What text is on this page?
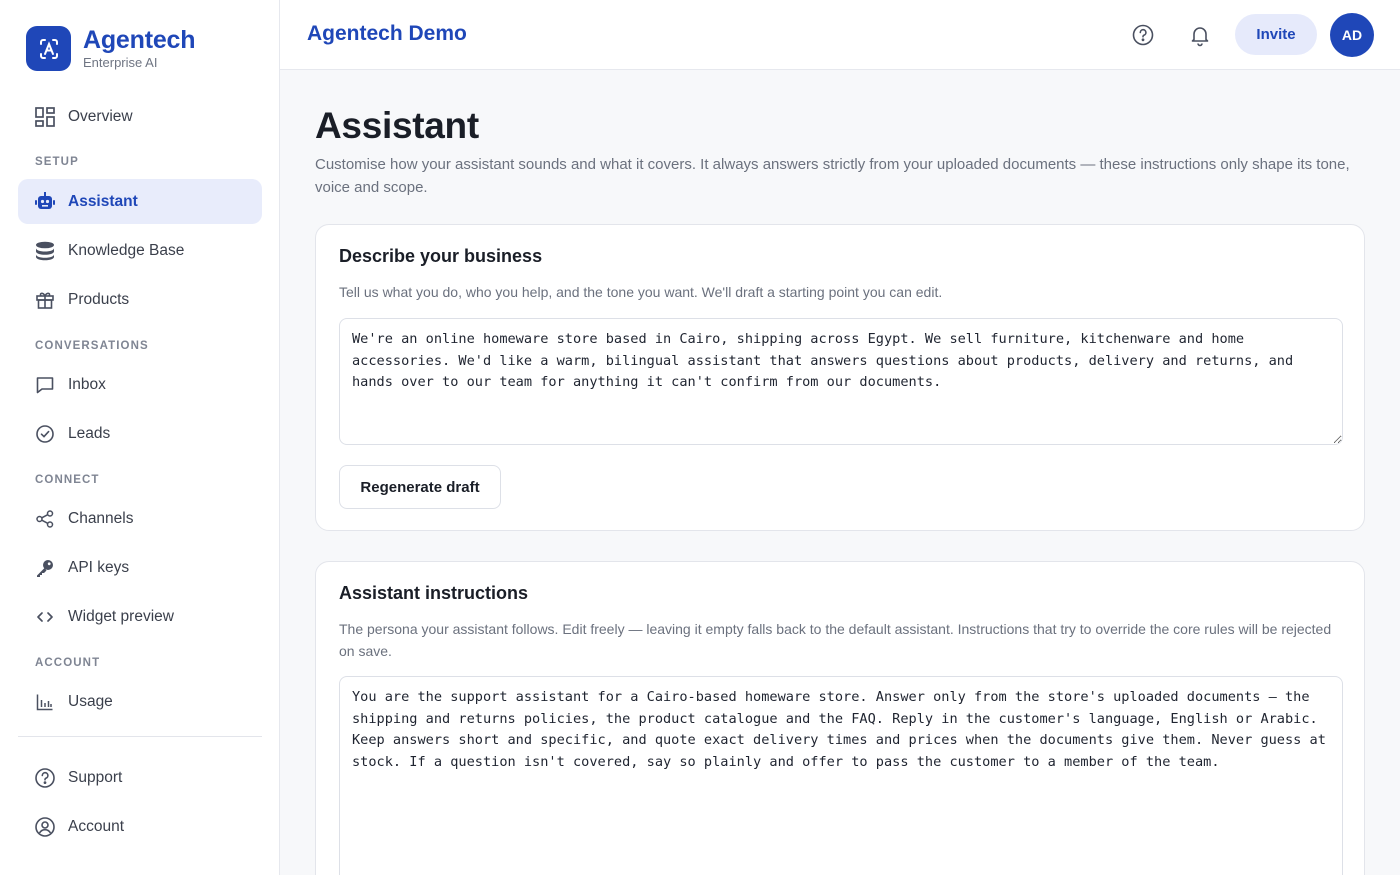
Agentech
Enterprise AI
Overview
SETUP
Assistant
Knowledge Base
Products
CONVERSATIONS
Inbox
Leads
CONNECT
Channels
API keys
Widget preview
ACCOUNT
Usage
Support
Account
Agentech Demo	Invite	AD
Assistant

Customise how your assistant sounds and what it covers. It always answers strictly from your uploaded documents — these instructions only shape its tone, voice and scope.

Describe your business
Tell us what you do, who you help, and the tone you want. We'll draft a starting point you can edit.
We're an online homeware store based in Cairo, shipping across Egypt. We sell furniture, kitchenware and home accessories. We'd like a warm, bilingual assistant that answers questions about products, delivery and returns, and hands over to our team for anything it can't confirm from our documents.
Regenerate draft
Assistant instructions
The persona your assistant follows. Edit freely — leaving it empty falls back to the default assistant. Instructions that try to override the core rules will be rejected on save.
You are the support assistant for a Cairo-based homeware store. Answer only from the store's uploaded documents — the shipping and returns policies, the product catalogue and the FAQ. Reply in the customer's language, English or Arabic. Keep answers short and specific, and quote exact delivery times and prices when the documents give them. Never guess at stock. If a question isn't covered, say so plainly and offer to pass the customer to a member of the team.
